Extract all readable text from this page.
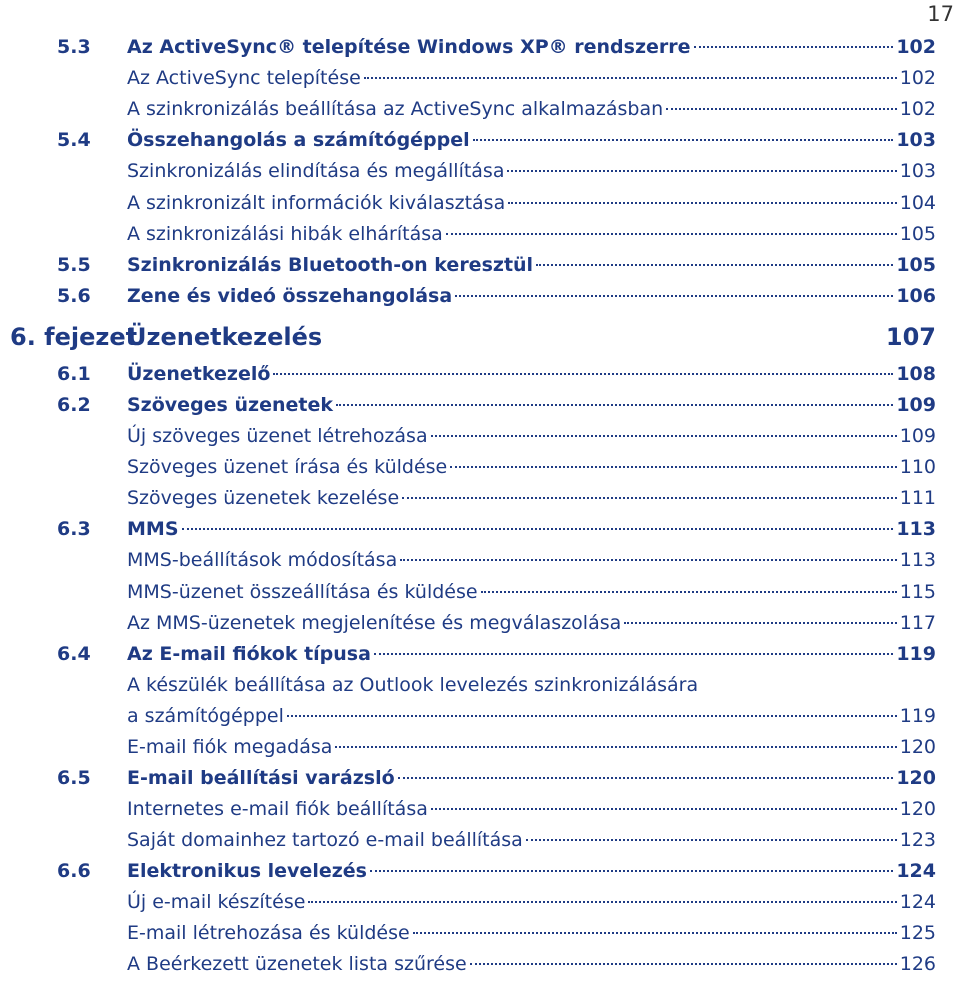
17
5.3	Az ActiveSync® telepítése Windows XP® rendszerre	102
Az ActiveSync telepítése	102
A szinkronizálás beállítása az ActiveSync alkalmazásban	102
5.4	Összehangolás a számítógéppel	103
Szinkronizálás elindítása és megállítása	103
A szinkronizált információk kiválasztása	104
A szinkronizálási hibák elhárítása	105
5.5	Szinkronizálás Bluetooth-on keresztül	105
5.6	Zene és videó összehangolása	106
6. fejezet
Üzenetkezelés	107
6.1	Üzenetkezelő	108
6.2	Szöveges üzenetek	109
Új szöveges üzenet létrehozása	109
Szöveges üzenet írása és küldése	110
Szöveges üzenetek kezelése	111
6.3	MMS	113
MMS-beállítások módosítása	113
MMS-üzenet összeállítása és küldése	115
Az MMS-üzenetek megjelenítése és megválaszolása	117
6.4	Az E-mail fiókok típusa	119
A készülék beállítása az Outlook levelezés szinkronizálására
a számítógéppel	119
E-mail fiók megadása	120
6.5	E-mail beállítási varázsló	120
Internetes e-mail fiók beállítása	120
Saját domainhez tartozó e-mail beállítása	123
6.6	Elektronikus levelezés	124
Új e-mail készítése	124
E-mail létrehozása és küldése	125
A Beérkezett üzenetek lista szűrése	126
